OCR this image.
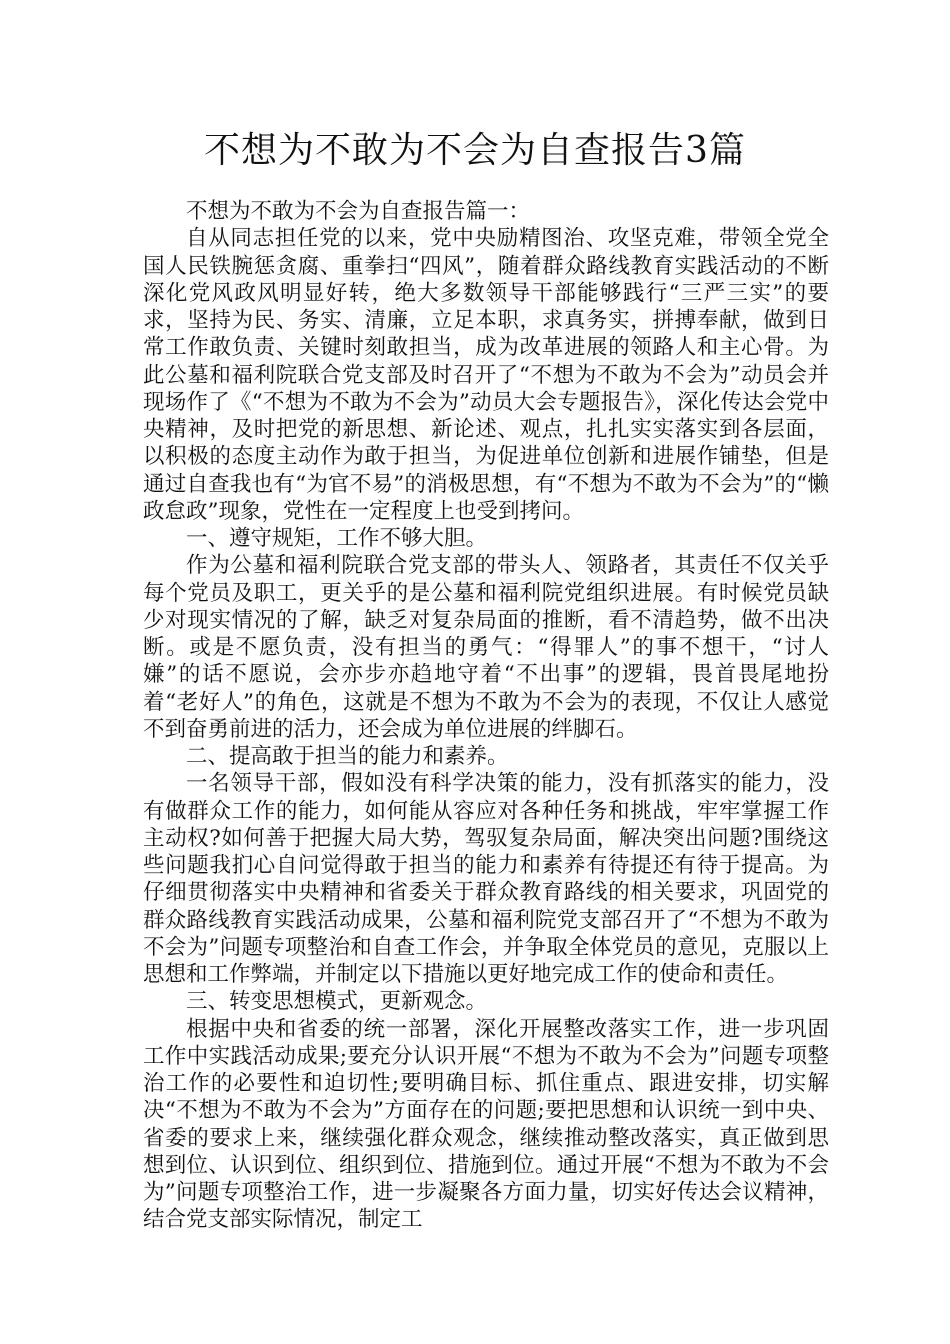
不想为不敢为不会为自查报告3篇

不想为不敢为不会为自查报告篇一：

自从同志担任党的以来，党中央励精图治、攻坚克难，带领全党全国人民铁腕惩贪腐、重拳扫“四风”，随着群众路线教育实践活动的不断深化党风政风明显好转，绝大多数领导干部能够践行“三严三实”的要求，坚持为民、务实、清廉，立足本职，求真务实，拼搏奉献，做到日常工作敢负责、关键时刻敢担当，成为改革进展的领路人和主心骨。为此公墓和福利院联合党支部及时召开了“不想为不敢为不会为”动员会并现场作了《“不想为不敢为不会为”动员大会专题报告》，深化传达会党中央精神，及时把党的新思想、新论述、观点，扎扎实实落实到各层面，以积极的态度主动作为敢于担当，为促进单位创新和进展作铺垫，但是通过自查我也有“为官不易”的消极思想，有“不想为不敢为不会为”的“懒政怠政”现象，党性在一定程度上也受到拷问。

一、遵守规矩，工作不够大胆。

作为公墓和福利院联合党支部的带头人、领路者，其责任不仅关乎每个党员及职工，更关乎的是公墓和福利院党组织进展。有时候党员缺少对现实情况的了解，缺乏对复杂局面的推断，看不清趋势，做不出决断。或是不愿负责，没有担当的勇气：“得罪人”的事不想干，“讨人嫌”的话不愿说，会亦步亦趋地守着“不出事”的逻辑，畏首畏尾地扮着“老好人”的角色，这就是不想为不敢为不会为的表现，不仅让人感觉不到奋勇前进的活力，还会成为单位进展的绊脚石。

二、提高敢于担当的能力和素养。

一名领导干部，假如没有科学决策的能力，没有抓落实的能力，没有做群众工作的能力，如何能从容应对各种任务和挑战，牢牢掌握工作主动权?如何善于把握大局大势，驾驭复杂局面，解决突出问题?围绕这些问题我扪心自问觉得敢于担当的能力和素养有待提还有待于提高。为仔细贯彻落实中央精神和省委关于群众教育路线的相关要求，巩固党的群众路线教育实践活动成果，公墓和福利院党支部召开了“不想为不敢为不会为”问题专项整治和自查工作会，并争取全体党员的意见，克服以上思想和工作弊端，并制定以下措施以更好地完成工作的使命和责任。

三、转变思想模式，更新观念。

根据中央和省委的统一部署，深化开展整改落实工作，进一步巩固工作中实践活动成果;要充分认识开展“不想为不敢为不会为”问题专项整治工作的必要性和迫切性;要明确目标、抓住重点、跟进安排，切实解决“不想为不敢为不会为”方面存在的问题;要把思想和认识统一到中央、省委的要求上来，继续强化群众观念，继续推动整改落实，真正做到思想到位、认识到位、组织到位、措施到位。通过开展“不想为不敢为不会为”问题专项整治工作，进一步凝聚各方面力量，切实好传达会议精神，结合党支部实际情况，制定工
